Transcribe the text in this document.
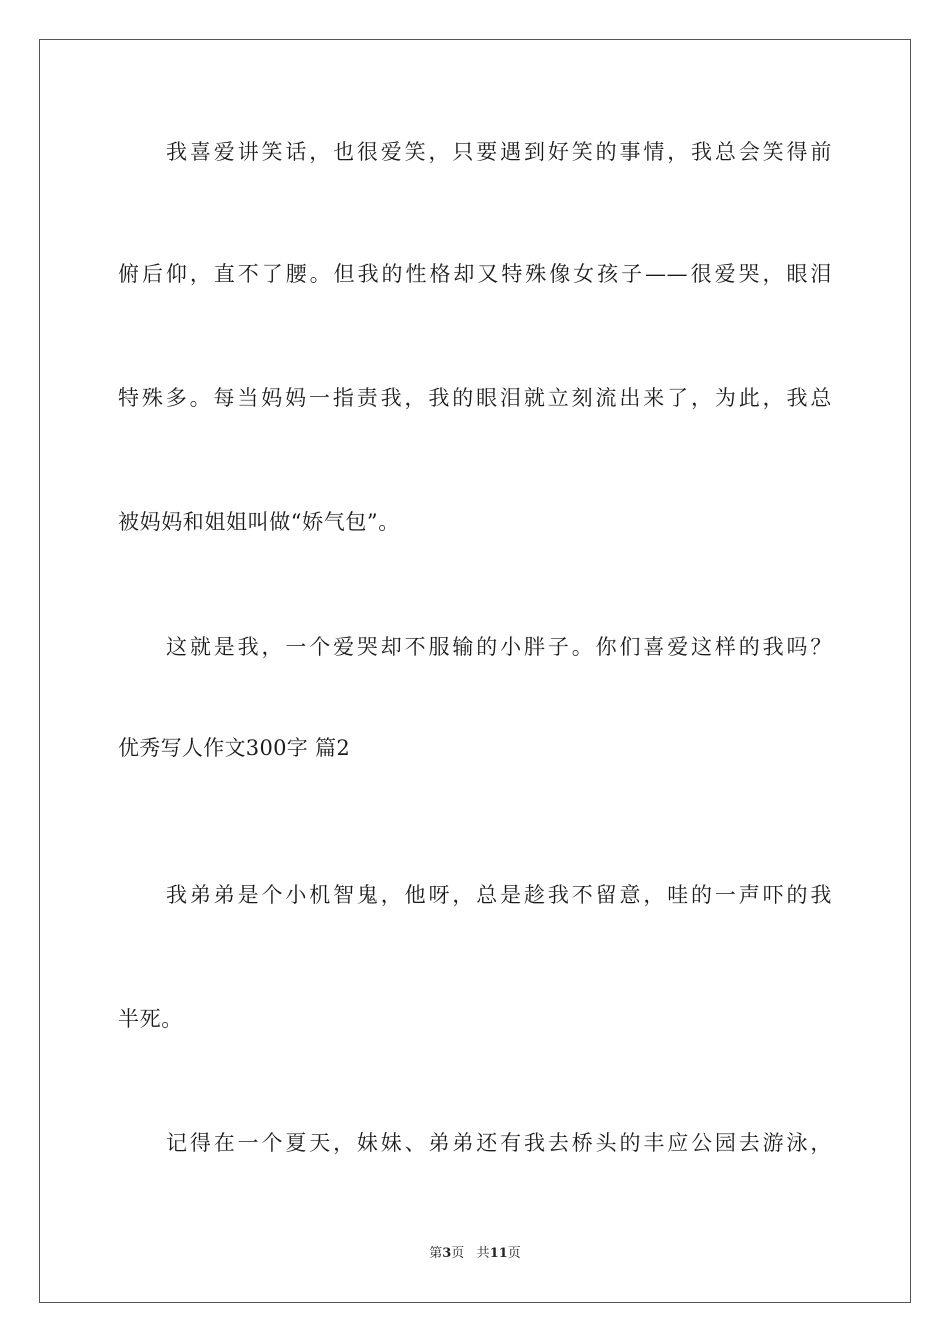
我喜爱讲笑话，也很爱笑，只要遇到好笑的事情，我总会笑得前
俯后仰，直不了腰。但我的性格却又特殊像女孩子——很爱哭，眼泪
特殊多。每当妈妈一指责我，我的眼泪就立刻流出来了，为此，我总
被妈妈和姐姐叫做“娇气包”。
这就是我，一个爱哭却不服输的小胖子。你们喜爱这样的我吗？
优秀写人作文300字 篇2
我弟弟是个小机智鬼，他呀，总是趁我不留意，哇的一声吓的我
半死。
记得在一个夏天，妹妹、弟弟还有我去桥头的丰应公园去游泳，
第3页 共11页
